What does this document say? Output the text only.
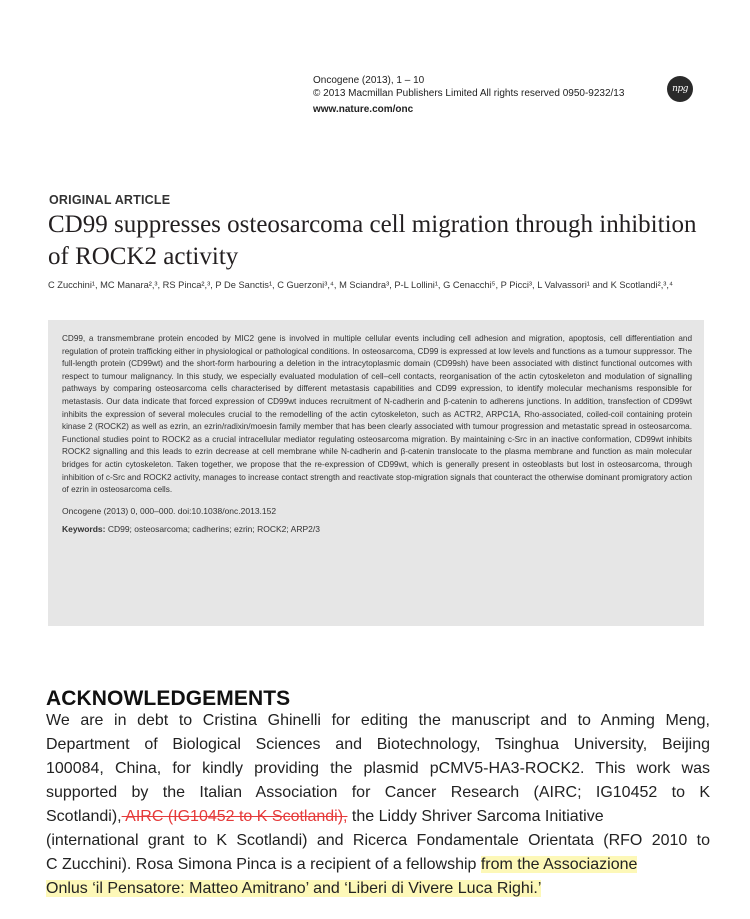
Oncogene (2013), 1 – 10
© 2013 Macmillan Publishers Limited All rights reserved 0950-9232/13
www.nature.com/onc
npg
ORIGINAL ARTICLE
CD99 suppresses osteosarcoma cell migration through inhibition of ROCK2 activity
C Zucchini¹, MC Manara²,³, RS Pinca²,³, P De Sanctis¹, C Guerzoni³,⁴, M Sciandra³, P-L Lollini¹, G Cenacchi⁵, P Picci³, L Valvassori¹ and K Scotlandi²,³,⁴

CD99, a transmembrane protein encoded by MIC2 gene is involved in multiple cellular events including cell adhesion and migration, apoptosis, cell differentiation and regulation of protein trafficking either in physiological or pathological conditions. In osteosarcoma, CD99 is expressed at low levels and functions as a tumour suppressor. The full-length protein (CD99wt) and the short-form harbouring a deletion in the intracytoplasmic domain (CD99sh) have been associated with distinct functional outcomes with respect to tumour malignancy. In this study, we especially evaluated modulation of cell–cell contacts, reorganisation of the actin cytoskeleton and modulation of signalling pathways by comparing osteosarcoma cells characterised by different metastasis capabilities and CD99 expression, to identify molecular mechanisms responsible for metastasis. Our data indicate that forced expression of CD99wt induces recruitment of N-cadherin and β-catenin to adherens junctions. In addition, transfection of CD99wt inhibits the expression of several molecules crucial to the remodelling of the actin cytoskeleton, such as ACTR2, ARPC1A, Rho-associated, coiled-coil containing protein kinase 2 (ROCK2) as well as ezrin, an ezrin/radixin/moesin family member that has been clearly associated with tumour progression and metastatic spread in osteosarcoma. Functional studies point to ROCK2 as a crucial intracellular mediator regulating osteosarcoma migration. By maintaining c-Src in an inactive conformation, CD99wt inhibits ROCK2 signalling and this leads to ezrin decrease at cell membrane while N-cadherin and β-catenin translocate to the plasma membrane and function as main molecular bridges for actin cytoskeleton. Taken together, we propose that the re-expression of CD99wt, which is generally present in osteoblasts but lost in osteosarcoma, through inhibition of c-Src and ROCK2 activity, manages to increase contact strength and reactivate stop-migration signals that counteract the otherwise dominant promigratory action of ezrin in osteosarcoma cells.

Oncogene (2013) 0, 000–000. doi:10.1038/onc.2013.152
Keywords: CD99; osteosarcoma; cadherins; ezrin; ROCK2; ARP2/3
ACKNOWLEDGEMENTS
We are in debt to Cristina Ghinelli for editing the manuscript and to Anming Meng,
Department of Biological Sciences and Biotechnology, Tsinghua University, Beijing
100084, China, for kindly providing the plasmid pCMV5-HA3-ROCK2. This work was
supported by the Italian Association for Cancer Research (AIRC; IG10452 to K
Scotlandi), AIRC (IG10452 to K Scotlandi), the Liddy Shriver Sarcoma Initiative
(international grant to K Scotlandi) and Ricerca Fondamentale Orientata (RFO 2010 to
C Zucchini). Rosa Simona Pinca is a recipient of a fellowship from the Associazione
Onlus ‘il Pensatore: Matteo Amitrano’ and ‘Liberi di Vivere Luca Righi.’
